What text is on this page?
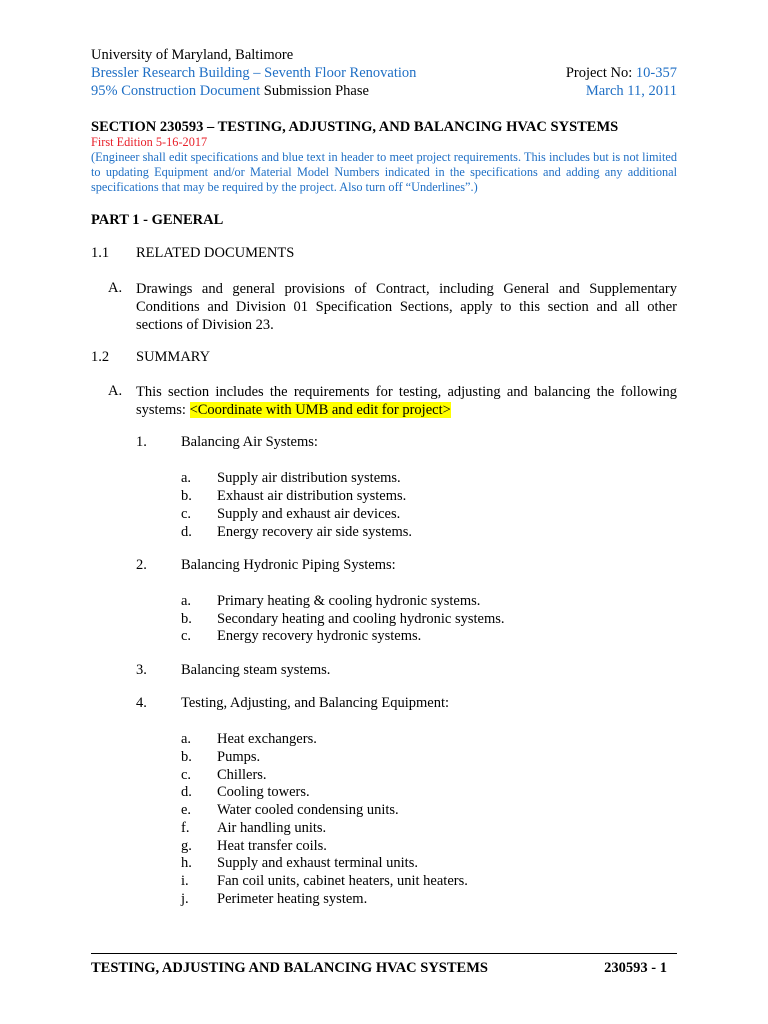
University of Maryland, Baltimore
Bressler Research Building – Seventh Floor Renovation
95% Construction Document Submission Phase
Project No: 10-357
March 11, 2011
SECTION 230593 – TESTING, ADJUSTING, AND BALANCING HVAC SYSTEMS
First Edition 5-16-2017
(Engineer shall edit specifications and blue text in header to meet project requirements. This includes but is not limited to updating Equipment and/or Material Model Numbers indicated in the specifications and adding any additional specifications that may be required by the project. Also turn off “Underlines”.)
PART 1 - GENERAL
1.1 RELATED DOCUMENTS
A. Drawings and general provisions of Contract, including General and Supplementary Conditions and Division 01 Specification Sections, apply to this section and all other sections of Division 23.
1.2 SUMMARY
A. This section includes the requirements for testing, adjusting and balancing the following systems: <Coordinate with UMB and edit for project>
1. Balancing Air Systems:
a. Supply air distribution systems.
b. Exhaust air distribution systems.
c. Supply and exhaust air devices.
d. Energy recovery air side systems.
2. Balancing Hydronic Piping Systems:
a. Primary heating & cooling hydronic systems.
b. Secondary heating and cooling hydronic systems.
c. Energy recovery hydronic systems.
3. Balancing steam systems.
4. Testing, Adjusting, and Balancing Equipment:
a. Heat exchangers.
b. Pumps.
c. Chillers.
d. Cooling towers.
e. Water cooled condensing units.
f. Air handling units.
g. Heat transfer coils.
h. Supply and exhaust terminal units.
i. Fan coil units, cabinet heaters, unit heaters.
j. Perimeter heating system.
TESTING, ADJUSTING AND BALANCING HVAC SYSTEMS	230593 - 1
